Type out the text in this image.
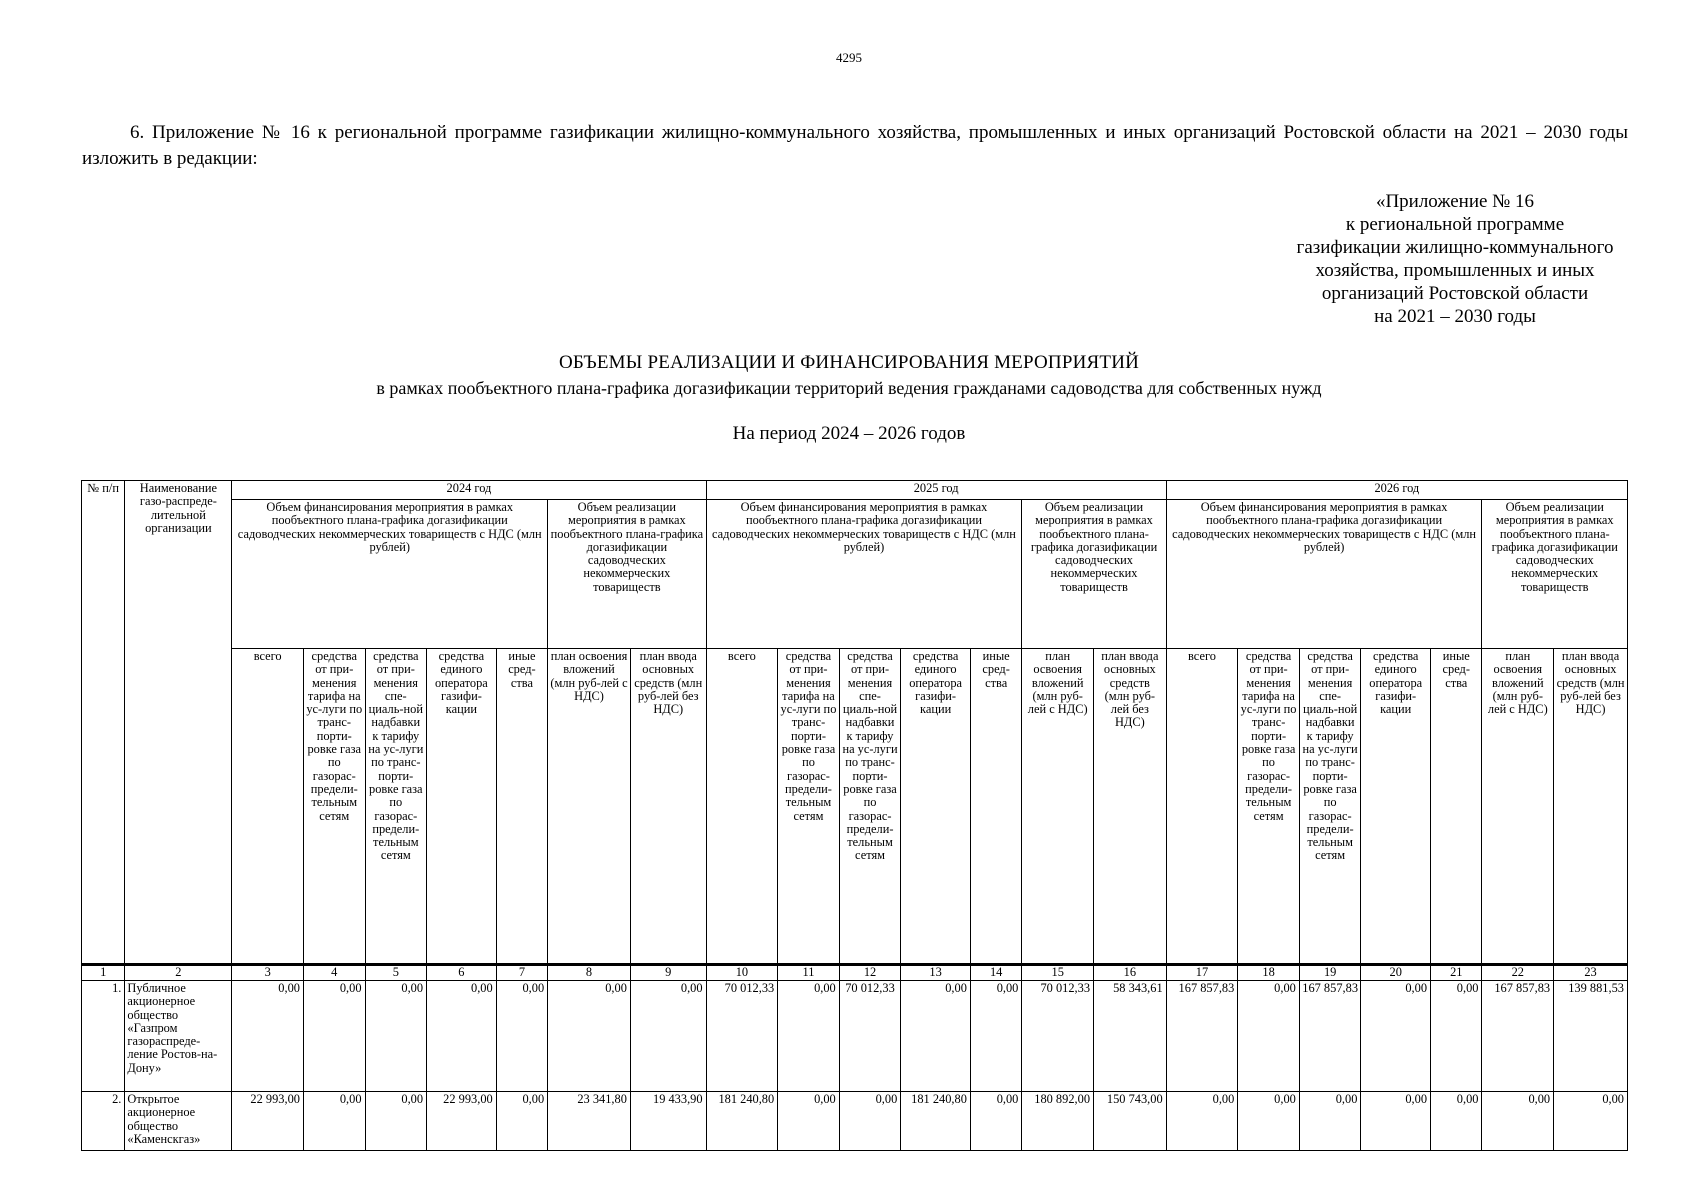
4295

6. Приложение № 16 к региональной программе газификации жилищно-коммунального хозяйства, промышленных и иных организаций Ростовской области на 2021 – 2030 годы изложить в редакции:

«Приложение № 16
к региональной программе
газификации жилищно-коммунального
хозяйства, промышленных и иных
организаций Ростовской области
на 2021 – 2030 годы
ОБЪЕМЫ РЕАЛИЗАЦИИ И ФИНАНСИРОВАНИЯ МЕРОПРИЯТИЙ
в рамках пообъектного плана-графика догазификации территорий ведения гражданами садоводства для собственных нужд
На период 2024 – 2026 годов
№ п/п	Наименование газо-распреде-лительной организации	2024 год							2025 год							2026 год						
		Объем финансирования мероприятия в рамках пообъектного плана-графика догазификации садоводческих некоммерческих товариществ с НДС (млн рублей)					Объем реализации мероприятия в рамках пообъектного плана-графика догазификации садоводческих некоммерческих товариществ		Объем финансирования мероприятия в рамках пообъектного плана-графика догазификации садоводческих некоммерческих товариществ с НДС (млн рублей)					Объем реализации мероприятия в рамках пообъектного плана-графика догазификации садоводческих некоммерческих товариществ		Объем финансирования мероприятия в рамках пообъектного плана-графика догазификации садоводческих некоммерческих товариществ с НДС (млн рублей)					Объем реализации мероприятия в рамках пообъектного плана-графика догазификации садоводческих некоммерческих товариществ	
		всего	средства от при-менения тарифа на ус-луги по транс-порти-ровке газа по газорас-предели-тельным сетям	средства от при-менения спе-циаль-ной надбавки к тарифу на ус-луги по транс-порти-ровке газа по газорас-предели-тельным сетям	средства единого оператора газифи-кации	иные сред-ства	план освоения вложений (млн руб-лей с НДС)	план ввода основных средств (млн руб-лей без НДС)	всего	средства от при-менения тарифа на ус-луги по транс-порти-ровке газа по газорас-предели-тельным сетям	средства от при-менения спе-циаль-ной надбавки к тарифу на ус-луги по транс-порти-ровке газа по газорас-предели-тельным сетям	средства единого оператора газифи-кации	иные сред-ства	план освоения вложений (млн руб-лей с НДС)	план ввода основных средств (млн руб-лей без НДС)	всего	средства от при-менения тарифа на ус-луги по транс-порти-ровке газа по газорас-предели-тельным сетям	средства от при-менения спе-циаль-ной надбавки к тарифу на ус-луги по транс-порти-ровке газа по газорас-предели-тельным сетям	средства единого оператора газифи-кации	иные сред-ства	план освоения вложений (млн руб-лей с НДС)	план ввода основных средств (млн руб-лей без НДС)
1	2	3	4	5	6	7	8	9	10	11	12	13	14	15	16	17	18	19	20	21	22	23
1.	Публичное акционерное общество «Газпром газораспреде-ление Ростов-на-Дону»	0,00	0,00	0,00	0,00	0,00	0,00	0,00	70 012,33	0,00	70 012,33	0,00	0,00	70 012,33	58 343,61	167 857,83	0,00	167 857,83	0,00	0,00	167 857,83	139 881,53
2.	Открытое акционерное общество «Каменскгаз»	22 993,00	0,00	0,00	22 993,00	0,00	23 341,80	19 433,90	181 240,80	0,00	0,00	181 240,80	0,00	180 892,00	150 743,00	0,00	0,00	0,00	0,00	0,00	0,00	0,00
